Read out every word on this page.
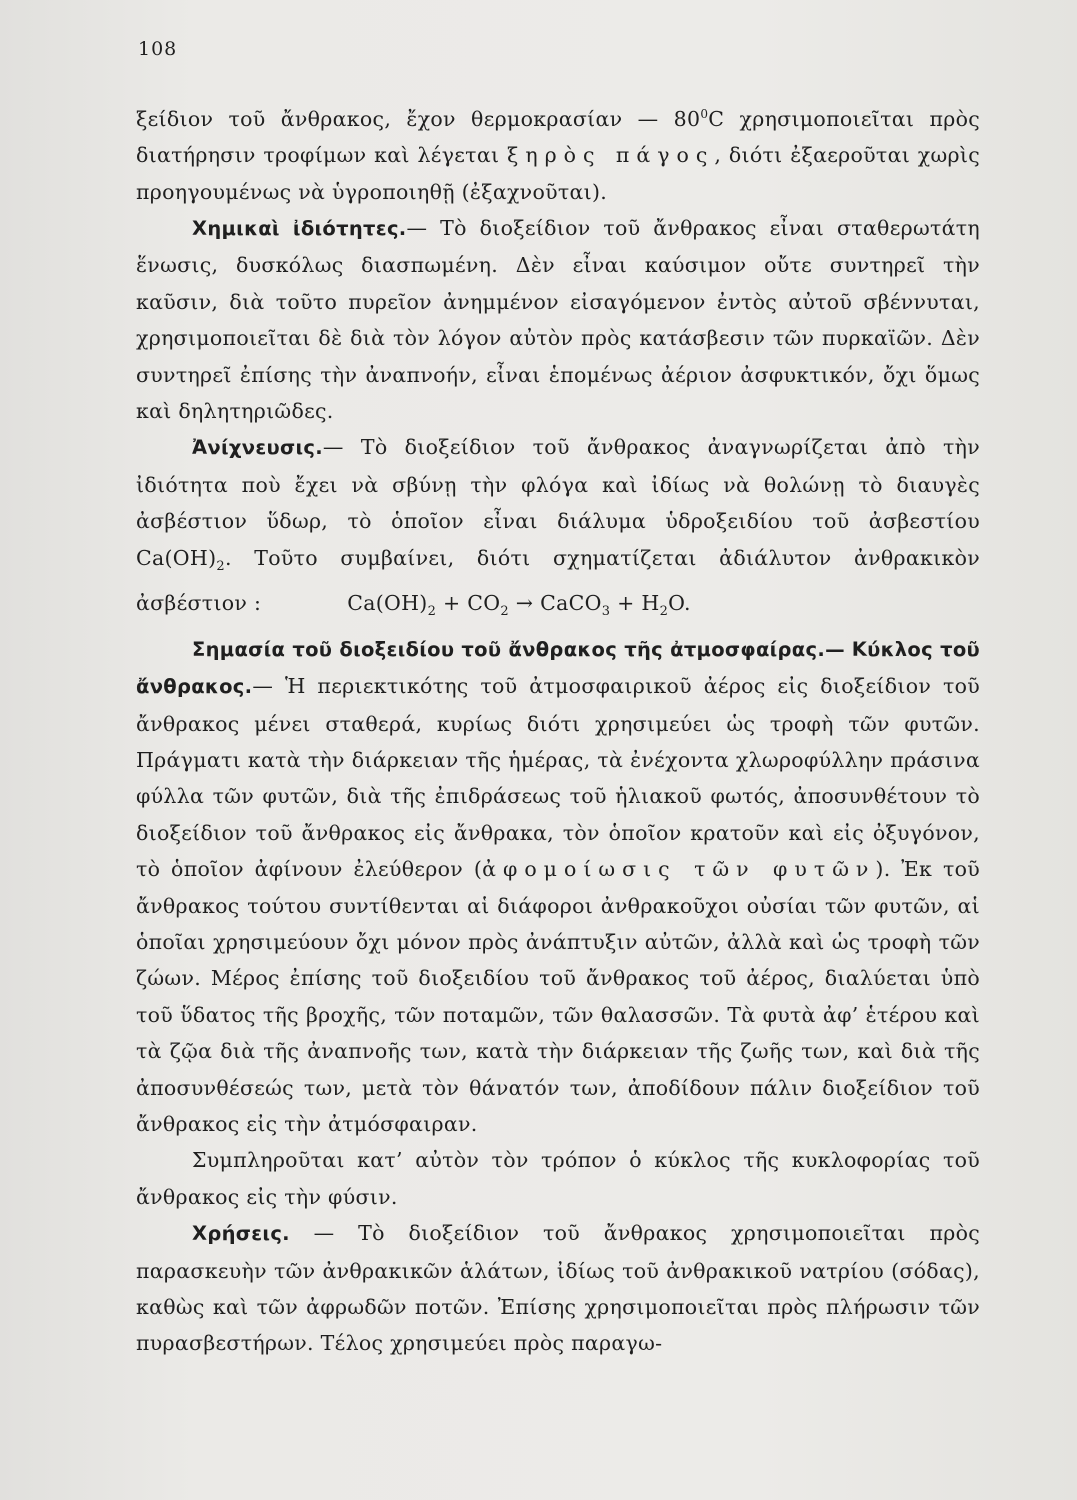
108

ξείδιον τοῦ ἄνθρακος, ἔχον θερμοκρασίαν — $80^0C$ χρησιμοποιεῖται πρὸς διατήρησιν τροφίμων καὶ λέγεται ξηρὸς πάγος, διότι ἐξαεροῦται χωρὶς προηγουμένως νὰ ὑγροποιηθῇ (ἐξαχνοῦται).

Χημικαὶ ἰδιότητες.— Τὸ διοξείδιον τοῦ ἄνθρακος εἶναι σταθερωτάτη ἕνωσις, δυσκόλως διασπωμένη. Δὲν εἶναι καύσιμον οὔτε συντηρεῖ τὴν καῦσιν, διὰ τοῦτο πυρεῖον ἀνημμένον εἰσαγόμενον ἐντὸς αὐτοῦ σβέννυται, χρησιμοποιεῖται δὲ διὰ τὸν λόγον αὐτὸν πρὸς κατάσβεσιν τῶν πυρκαϊῶν. Δὲν συντηρεῖ ἐπίσης τὴν ἀναπνοήν, εἶναι ἑπομένως ἀέριον ἀσφυκτικόν, ὄχι ὅμως καὶ δηλητηριῶδες.

Ἀνίχνευσις.— Τὸ διοξείδιον τοῦ ἄνθρακος ἀναγνωρίζεται ἀπὸ τὴν ἰδιότητα ποὺ ἔχει νὰ σβύνῃ τὴν φλόγα καὶ ἰδίως νὰ θολώνῃ τὸ διαυγὲς ἀσβέστιον ὕδωρ, τὸ ὁποῖον εἶναι διάλυμα ὑδροξειδίου τοῦ ἀσβεστίου $Ca(OH)_2$. Τοῦτο συμβαίνει, διότι σχηματίζεται ἀδιάλυτον ἀνθρακικὸν ἀσβέστιον :	$Ca(OH)_2 + CO_2$ → CaCO$_3$ + $H_2O$.

Σημασία τοῦ διοξειδίου τοῦ ἄνθρακος τῆς ἀτμοσφαίρας.— Κύκλος τοῦ ἄνθρακος.— Ἡ περιεκτικότης τοῦ ἀτμοσφαιρικοῦ ἀέρος εἰς διοξείδιον τοῦ ἄνθρακος μένει σταθερά, κυρίως διότι χρησιμεύει ὡς τροφὴ τῶν φυτῶν. Πράγματι κατὰ τὴν διάρκειαν τῆς ἡμέρας, τὰ ἐνέχοντα χλωροφύλλην πράσινα φύλλα τῶν φυτῶν, διὰ τῆς ἐπιδράσεως τοῦ ἡλιακοῦ φωτός, ἀποσυνθέτουν τὸ διοξείδιον τοῦ ἄνθρακος εἰς ἄνθρακα, τὸν ὁποῖον κρατοῦν καὶ εἰς ὀξυγόνον, τὸ ὁποῖον ἀφίνουν ἐλεύθερον (ἀφομοίωσις τῶν φυτῶν). Ἐκ τοῦ ἄνθρακος τούτου συντίθενται αἱ διάφοροι ἀνθρακοῦχοι οὐσίαι τῶν φυτῶν, αἱ ὁποῖαι χρησιμεύουν ὄχι μόνον πρὸς ἀνάπτυξιν αὐτῶν, ἀλλὰ καὶ ὡς τροφὴ τῶν ζώων. Μέρος ἐπίσης τοῦ διοξειδίου τοῦ ἄνθρακος τοῦ ἀέρος, διαλύεται ὑπὸ τοῦ ὕδατος τῆς βροχῆς, τῶν ποταμῶν, τῶν θαλασσῶν. Τὰ φυτὰ ἀφ’ ἑτέρου καὶ τὰ ζῷα διὰ τῆς ἀναπνοῆς των, κατὰ τὴν διάρκειαν τῆς ζωῆς των, καὶ διὰ τῆς ἀποσυνθέσεώς των, μετὰ τὸν θάνατόν των, ἀποδίδουν πάλιν διοξείδιον τοῦ ἄνθρακος εἰς τὴν ἀτμόσφαιραν.

Συμπληροῦται κατ’ αὐτὸν τὸν τρόπον ὁ κύκλος τῆς κυκλοφορίας τοῦ ἄνθρακος εἰς τὴν φύσιν.

Χρήσεις. — Τὸ διοξείδιον τοῦ ἄνθρακος χρησιμοποιεῖται πρὸς παρασκευὴν τῶν ἀνθρακικῶν ἁλάτων, ἰδίως τοῦ ἀνθρακικοῦ νατρίου (σόδας), καθὼς καὶ τῶν ἀφρωδῶν ποτῶν. Ἐπίσης χρησιμοποιεῖται πρὸς πλήρωσιν τῶν πυρασβεστήρων. Τέλος χρησιμεύει πρὸς παραγω-
